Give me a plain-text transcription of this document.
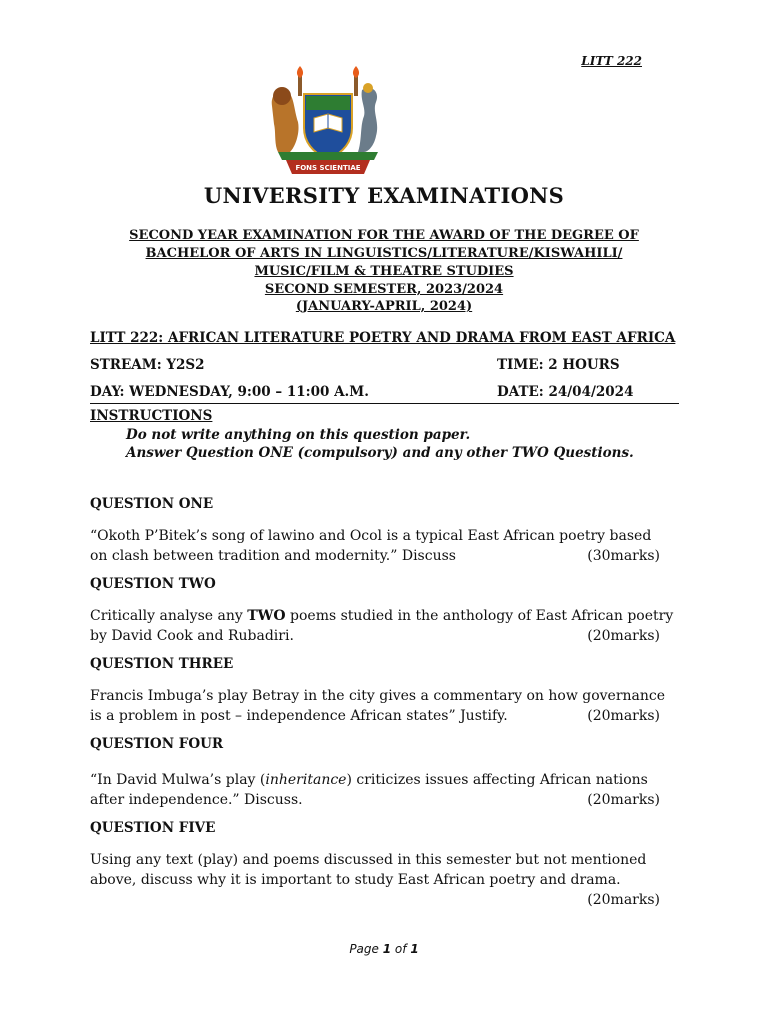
LITT 222
FONS SCIENTIAE
UNIVERSITY EXAMINATIONS
SECOND YEAR EXAMINATION FOR THE AWARD OF THE DEGREE OF
BACHELOR OF ARTS IN LINGUISTICS/LITERATURE/KISWAHILI/
MUSIC/FILM & THEATRE STUDIES
SECOND SEMESTER, 2023/2024
(JANUARY-APRIL, 2024)
LITT 222: AFRICAN LITERATURE POETRY AND DRAMA FROM EAST AFRICA
STREAM: Y2S2	TIME: 2 HOURS
DAY: WEDNESDAY, 9:00 – 11:00 A.M.	DATE: 24/04/2024
INSTRUCTIONS
Do not write anything on this question paper.
Answer Question ONE (compulsory) and any other TWO Questions.
QUESTION ONE
“Okoth P’Bitek’s song of lawino and Ocol is a typical East African poetry based
on clash between tradition and modernity.” Discuss	(30marks)
QUESTION TWO
Critically analyse any TWO poems studied in the anthology of East African poetry
by David Cook and Rubadiri.	(20marks)
QUESTION THREE
Francis Imbuga’s play Betray in the city gives a commentary on how governance
is a problem in post – independence African states” Justify.	(20marks)
QUESTION FOUR
“In David Mulwa’s play (inheritance) criticizes issues affecting African nations
after independence.” Discuss.	(20marks)
QUESTION FIVE
Using any text (play) and poems discussed in this semester but not mentioned
above, discuss why it is important to study East African poetry and drama.

(20marks)
Page 1 of 1
